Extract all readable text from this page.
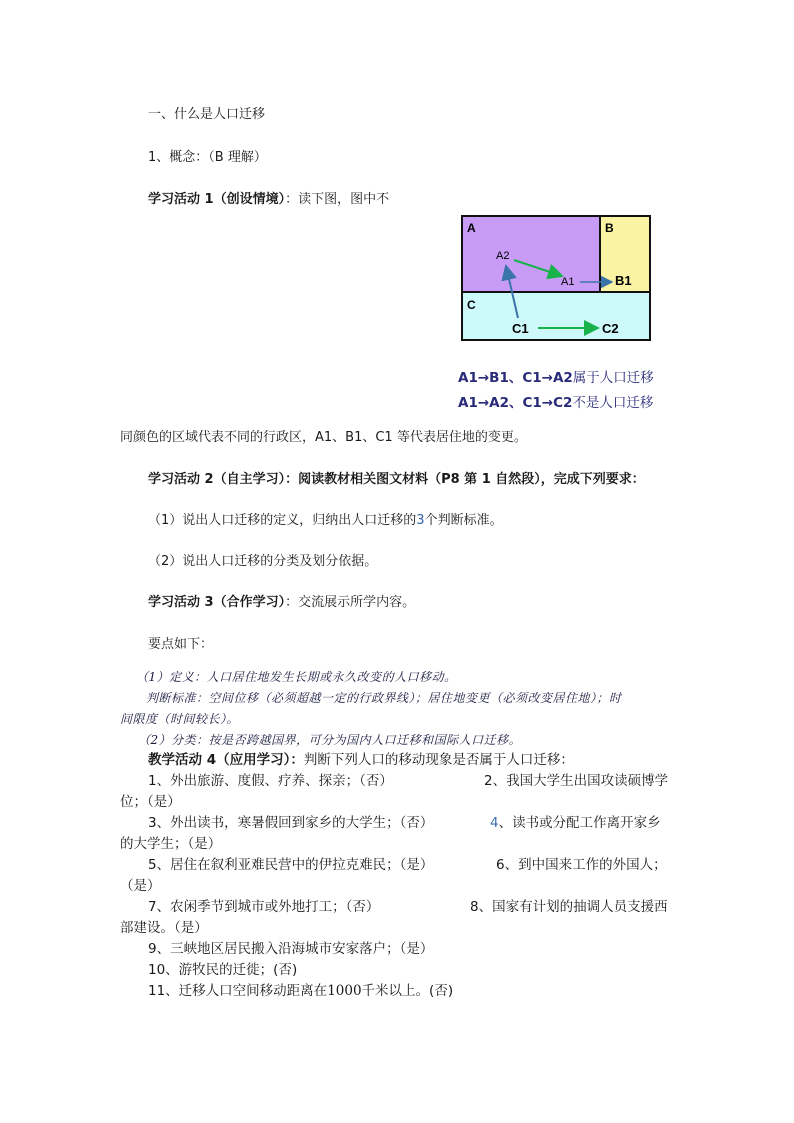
一、什么是人口迁移
1、概念：（B 理解）
学习活动 1（创设情境）：读下图，图中不
A	B
C
A2
A1	B1
C1	C2
A1→B1、C1→A2属于人口迁移
A1→A2、C1→C2不是人口迁移
同颜色的区域代表不同的行政区，A1、B1、C1 等代表居住地的变更。
学习活动 2（自主学习）：阅读教材相关图文材料（P8 第 1 自然段），完成下列要求：
（1）说出人口迁移的定义，归纳出人口迁移的3个判断标准。
（2）说出人口迁移的分类及划分依据。
学习活动 3（合作学习）：交流展示所学内容。
要点如下：
（1）定义：人口居住地发生长期或永久改变的人口移动。
判断标准：空间位移（必须超越一定的行政界线）；居住地变更（必须改变居住地）；时
间限度（时间较长）。
（2）分类：按是否跨越国界，可分为国内人口迁移和国际人口迁移。
教学活动 4（应用学习）：判断下列人口的移动现象是否属于人口迁移：
1、外出旅游、度假、疗养、探亲；（否）	2、我国大学生出国攻读硕博学
位；（是）
3、外出读书，寒暑假回到家乡的大学生；（否）	4、读书或分配工作离开家乡
的大学生；（是）
5、居住在叙利亚难民营中的伊拉克难民；（是）	6、到中国来工作的外国人；
（是）
7、农闲季节到城市或外地打工；（否）	8、国家有计划的抽调人员支援西
部建设。（是）
9、三峡地区居民搬入沿海城市安家落户；（是）
10、游牧民的迁徙；(否)
11、迁移人口空间移动距离在1000千米以上。(否)
